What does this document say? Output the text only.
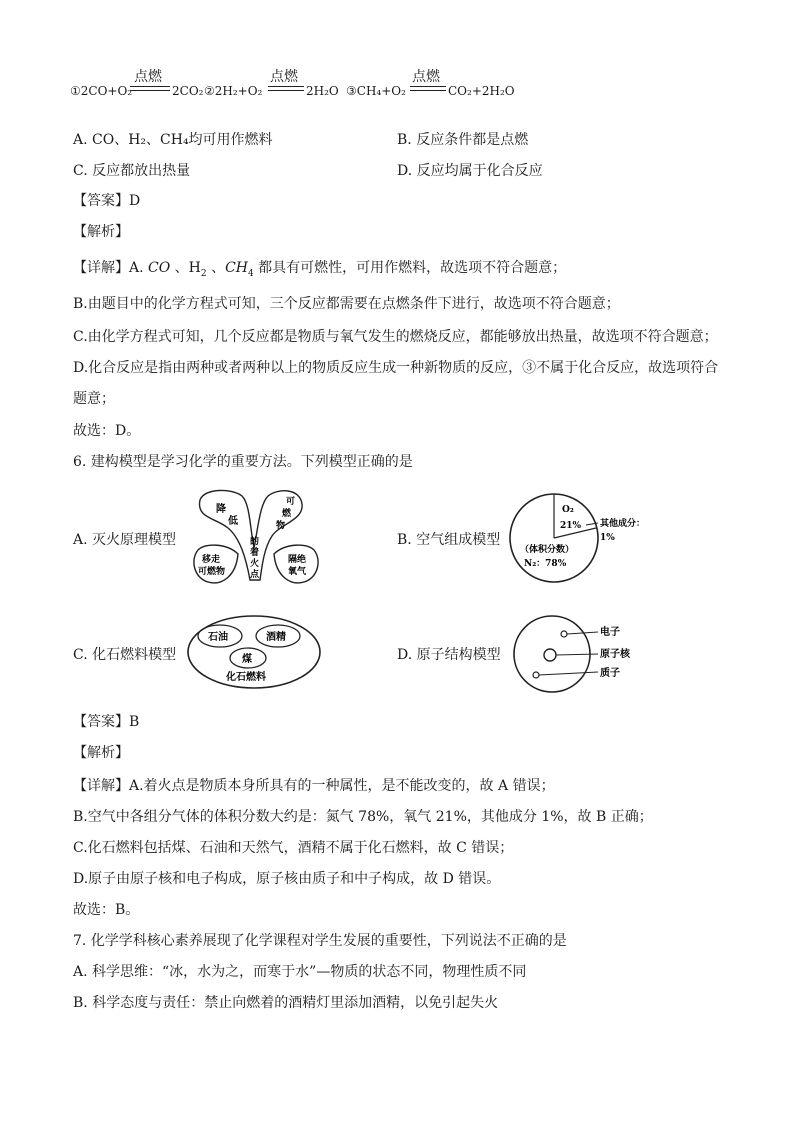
①2CO+O₂
点燃
2CO₂ ②2H₂+O₂
点燃
2H₂O ③CH₄+O₂
点燃
CO₂+2H₂O
A. CO、H₂、CH₄均可用作燃料	B. 反应条件都是点燃
C. 反应都放出热量	D. 反应均属于化合反应
【答案】D
【解析】
【详解】A. CO 、$H_2$ 、$CH_4$ 都具有可燃性，可用作燃料，故选项不符合题意；
B.由题目中的化学方程式可知，三个反应都需要在点燃条件下进行，故选项不符合题意；
C.由化学方程式可知，几个反应都是物质与氧气发生的燃烧反应，都能够放出热量，故选项不符合题意；
D.化合反应是指由两种或者两种以上的物质反应生成一种新物质的反应，③不属于化合反应，故选项符合
题意；
故选：D。
6. 建构模型是学习化学的重要方法。下列模型正确的是
A. 灭火原理模型	B. 空气组成模型
降
低
可
燃
物
的
着
火
点
移走
可燃物
隔绝
氧气
O₂
21% 其他成分：
1%
（体积分数）
N₂：78%
C. 化石燃料模型	D. 原子结构模型
石油	酒精
煤
化石燃料
电子
原子核
质子
【答案】B
【解析】
【详解】A.着火点是物质本身所具有的一种属性，是不能改变的，故 A 错误；
B.空气中各组分气体的体积分数大约是：氮气 78%，氧气 21%，其他成分 1%，故 B 正确；
C.化石燃料包括煤、石油和天然气，酒精不属于化石燃料，故 C 错误；
D.原子由原子核和电子构成，原子核由质子和中子构成，故 D 错误。
故选：B。
7. 化学学科核心素养展现了化学课程对学生发展的重要性，下列说法不正确的是
A. 科学思维：“冰，水为之，而寒于水”—物质的状态不同，物理性质不同
B. 科学态度与责任：禁止向燃着的酒精灯里添加酒精，以免引起失火
